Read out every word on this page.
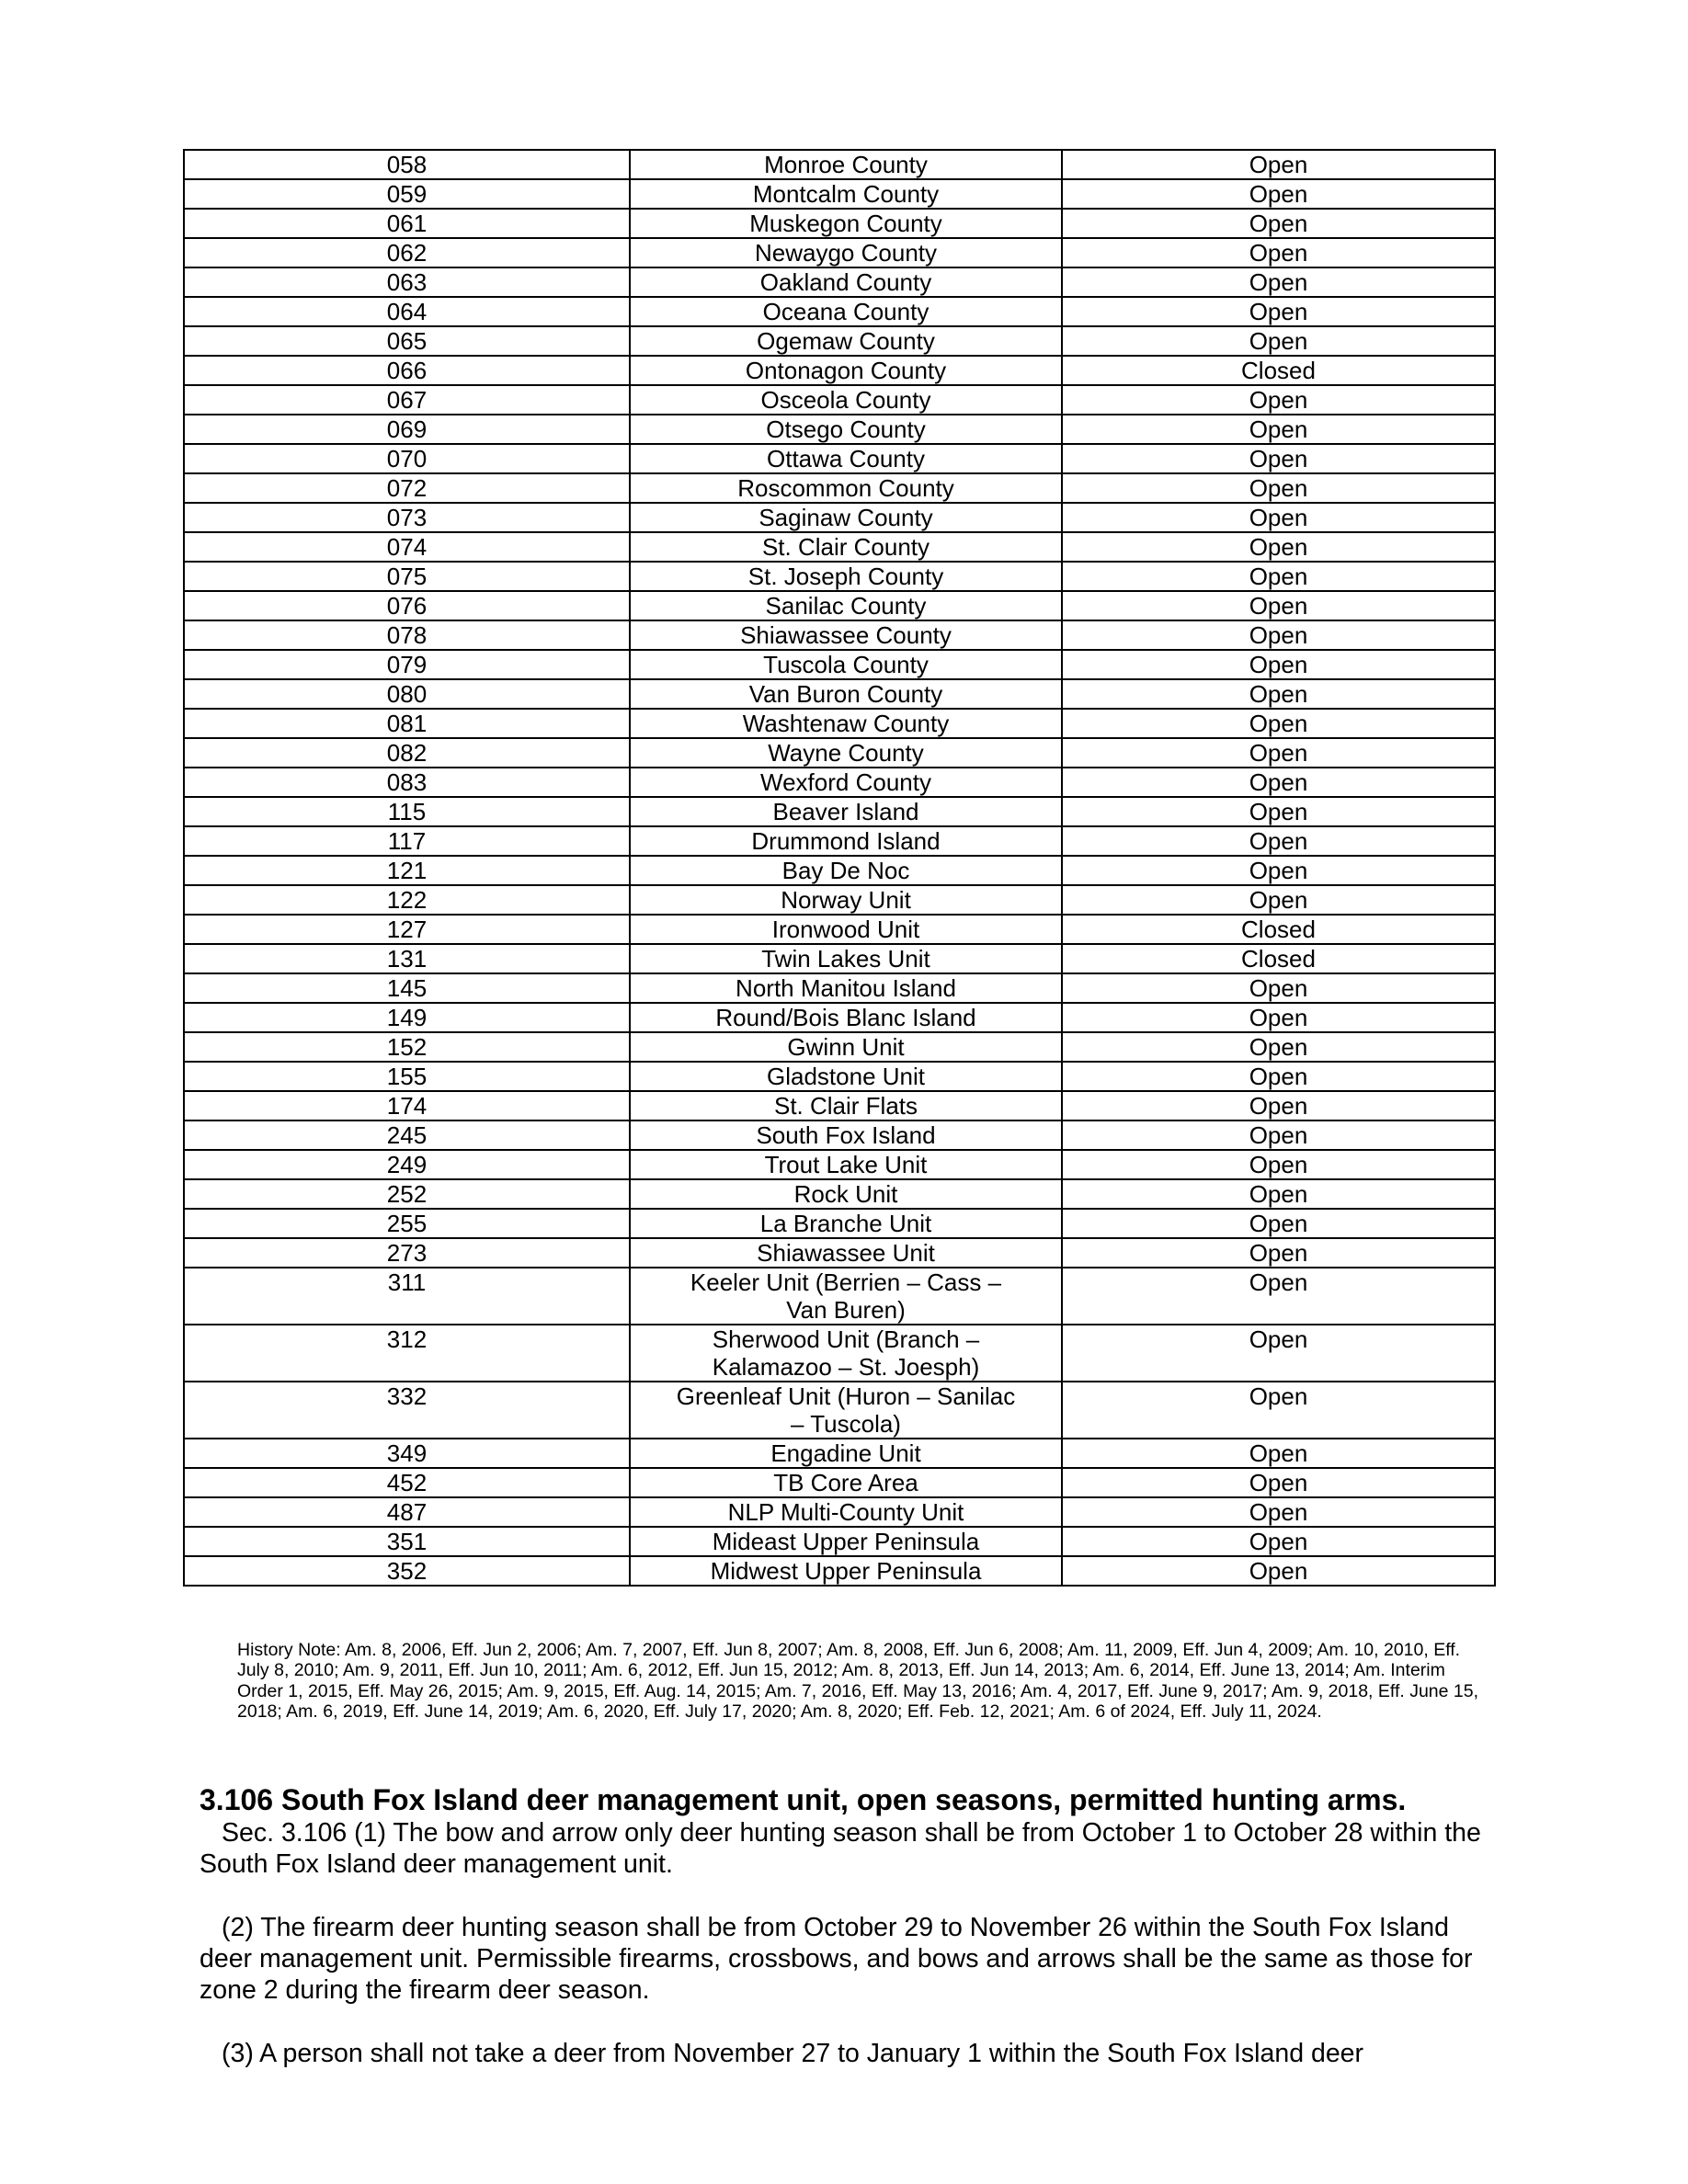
058	Monroe County	Open
059	Montcalm County	Open
061	Muskegon County	Open
062	Newaygo County	Open
063	Oakland County	Open
064	Oceana County	Open
065	Ogemaw County	Open
066	Ontonagon County	Closed
067	Osceola County	Open
069	Otsego County	Open
070	Ottawa County	Open
072	Roscommon County	Open
073	Saginaw County	Open
074	St. Clair County	Open
075	St. Joseph County	Open
076	Sanilac County	Open
078	Shiawassee County	Open
079	Tuscola County	Open
080	Van Buron County	Open
081	Washtenaw County	Open
082	Wayne County	Open
083	Wexford County	Open
115	Beaver Island	Open
117	Drummond Island	Open
121	Bay De Noc	Open
122	Norway Unit	Open
127	Ironwood Unit	Closed
131	Twin Lakes Unit	Closed
145	North Manitou Island	Open
149	Round/Bois Blanc Island	Open
152	Gwinn Unit	Open
155	Gladstone Unit	Open
174	St. Clair Flats	Open
245	South Fox Island	Open
249	Trout Lake Unit	Open
252	Rock Unit	Open
255	La Branche Unit	Open
273	Shiawassee Unit	Open
311	Keeler Unit (Berrien – Cass – Van Buren)	Open
312	Sherwood Unit (Branch – Kalamazoo – St. Joesph)	Open
332	Greenleaf Unit (Huron – Sanilac – Tuscola)	Open
349	Engadine Unit	Open
452	TB Core Area	Open
487	NLP Multi-County Unit	Open
351	Mideast Upper Peninsula	Open
352	Midwest Upper Peninsula	Open
History Note: Am. 8, 2006, Eff. Jun 2, 2006; Am. 7, 2007, Eff. Jun 8, 2007; Am. 8, 2008, Eff. Jun 6, 2008; Am. 11, 2009, Eff. Jun 4, 2009; Am. 10, 2010, Eff. July 8, 2010; Am. 9, 2011, Eff. Jun 10, 2011; Am. 6, 2012, Eff. Jun 15, 2012; Am. 8, 2013, Eff. Jun 14, 2013; Am. 6, 2014, Eff. June 13, 2014; Am. Interim Order 1, 2015, Eff. May 26, 2015; Am. 9, 2015, Eff. Aug. 14, 2015; Am. 7, 2016, Eff. May 13, 2016; Am. 4, 2017, Eff. June 9, 2017; Am. 9, 2018, Eff. June 15, 2018; Am. 6, 2019, Eff. June 14, 2019; Am. 6, 2020, Eff. July 17, 2020; Am. 8, 2020; Eff. Feb. 12, 2021; Am. 6 of 2024, Eff. July 11, 2024.
3.106 South Fox Island deer management unit, open seasons, permitted hunting arms.

Sec. 3.106 (1) The bow and arrow only deer hunting season shall be from October 1 to October 28 within the South Fox Island deer management unit.

(2) The firearm deer hunting season shall be from October 29 to November 26 within the South Fox Island deer management unit. Permissible firearms, crossbows, and bows and arrows shall be the same as those for zone 2 during the firearm deer season.

(3) A person shall not take a deer from November 27 to January 1 within the South Fox Island deer
